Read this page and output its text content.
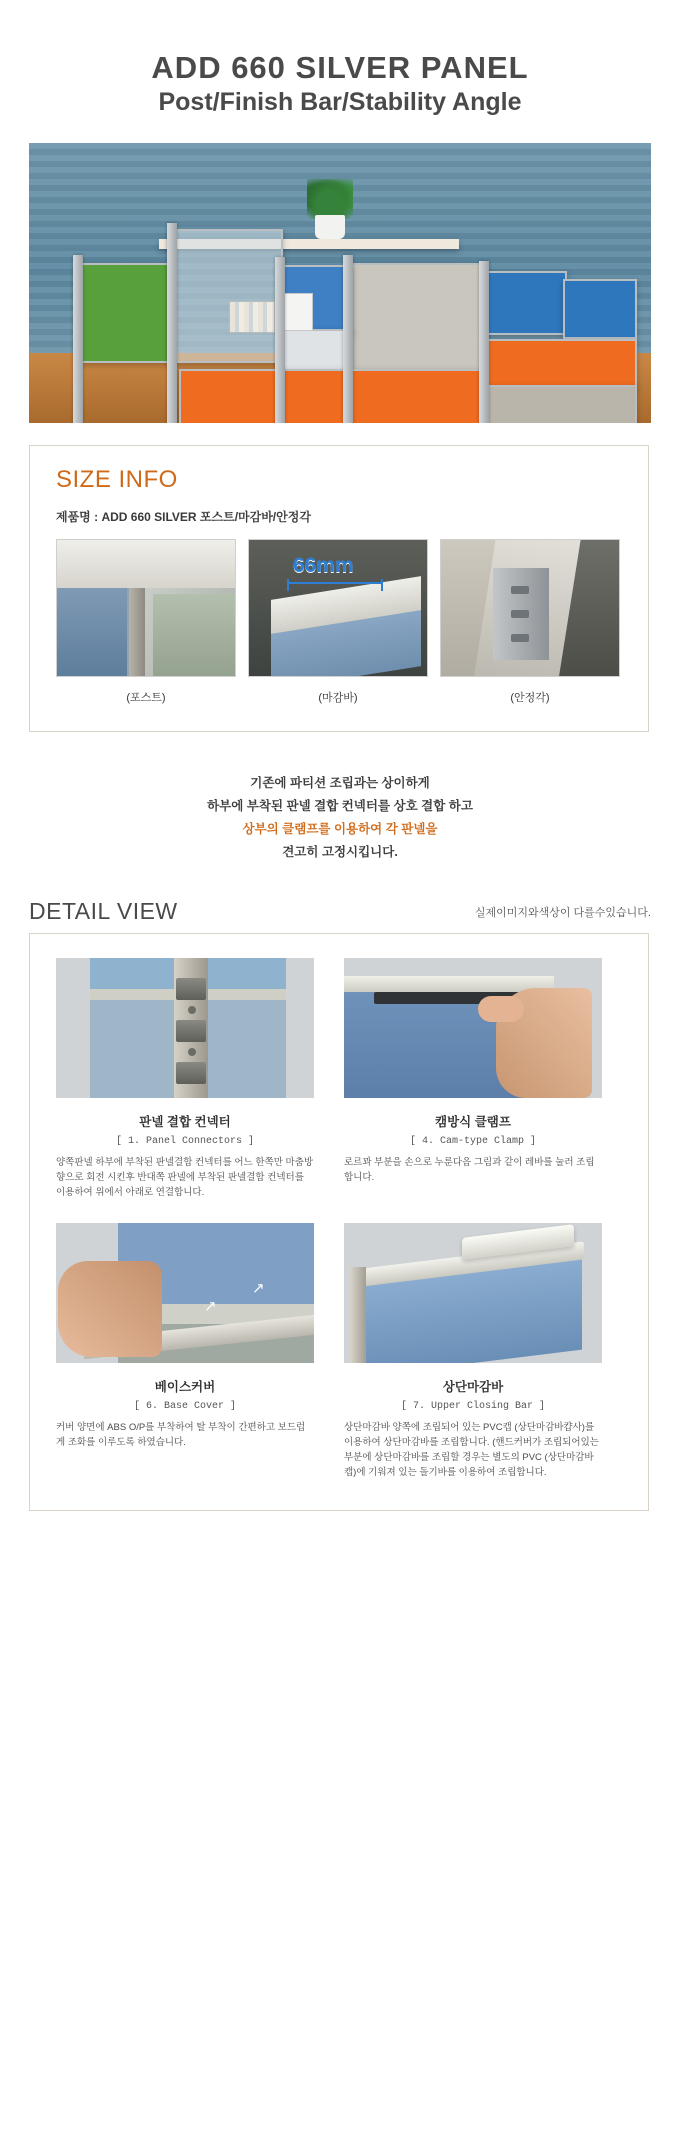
ADD 660 SILVER PANEL
Post/Finish Bar/Stability Angle
SIZE INFO
제품명 : ADD 660 SILVER 포스트/마감바/안정각
(포스트)
66mm
(마감바)	(안정각)
기존에 파티션 조립과는 상이하게
하부에 부착된 판넬 결합 컨넥터를 상호 결합 하고
상부의 클램프를 이용하여 각 판넬을
견고히 고정시킵니다.
DETAIL VIEW	실제이미지와색상이 다를수있습니다.
판넬 결합 컨넥터
[ 1. Panel Connectors ]
양쪽판넬 하부에 부착된 판넬결합 컨넥터를 어느 한쪽만 마춤방향으로 회전 시킨후 반대쪽 판넬에 부착된 판넬결합 컨넥터를 이용하여 위에서 아래로 연결합니다.
캠방식 클램프
[ 4. Cam-type Clamp ]
로르꽈 부분을 손으로 누룬다음 그림과 같이 레바를 눌러 조립합니다.
↗
↗
베이스커버
[ 6. Base Cover ]
커버 양면에 ABS O/P를 부착하여 탈 부착이 간편하고 보드럽게 조화를 이루도록 하였습니다.
상단마감바
[ 7. Upper Closing Bar ]
상단마감바 양쪽에 조립되어 있는 PVC캡 (상단마감바캽사)를 이용하여 상단마감바를 조립합니다. (핸드커버가 조립되어있는 부분에 상단마감바를 조립할 경우는 별도의 PVC (상단마감바캡)에 기워져 있는 돌기바를 이용하여 조립합니다.
